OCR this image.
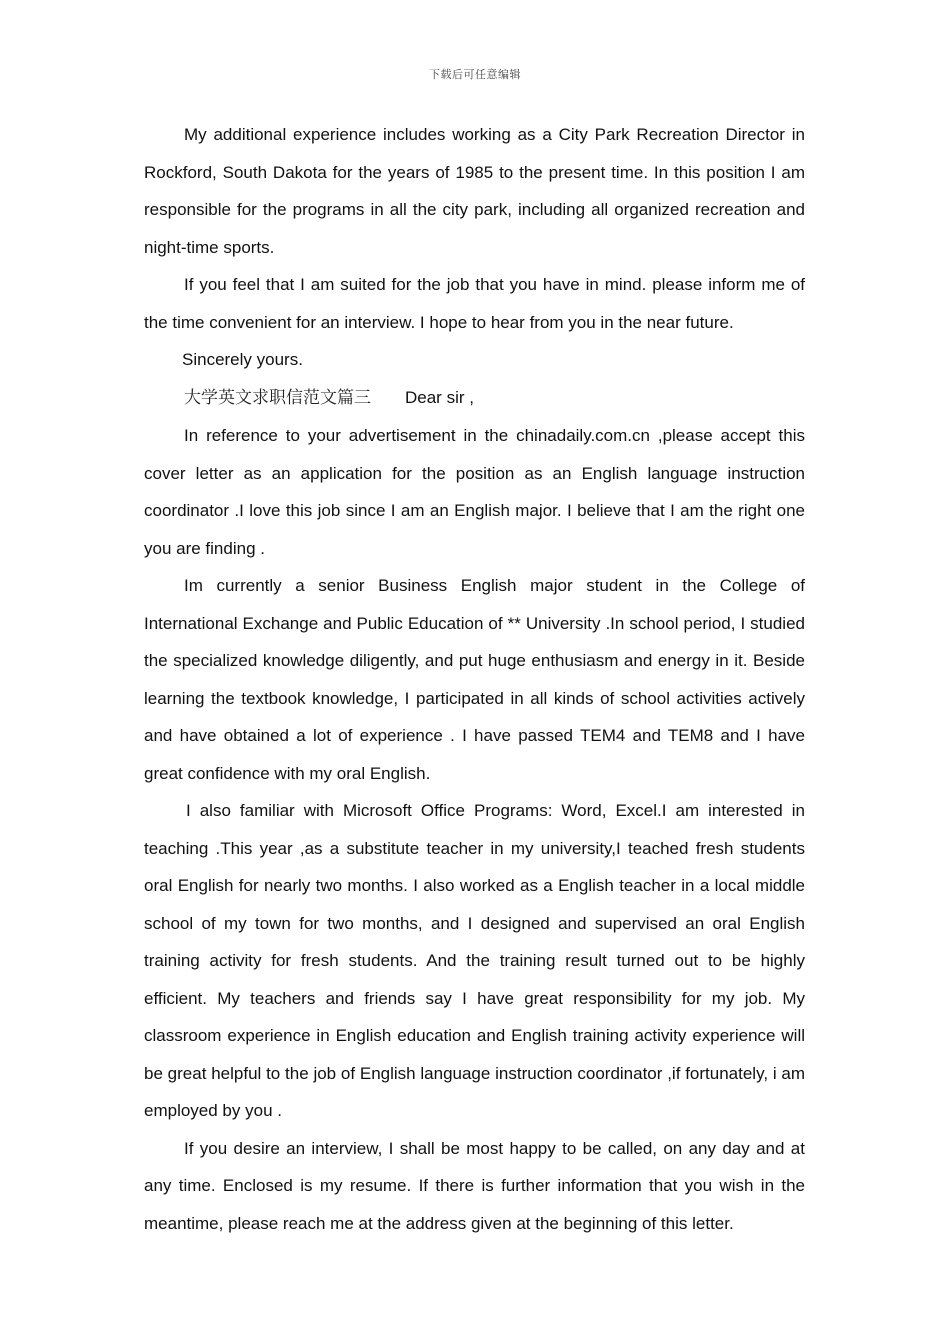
下载后可任意编辑

My additional experience includes working as a City Park Recreation Director in Rockford, South Dakota for the years of 1985 to the present time. In this position I am responsible for the programs in all the city park, including all organized recreation and night-time sports.

If you feel that I am suited for the job that you have in mind. please inform me of the time convenient for an interview. I hope to hear from you in the near future.

Sincerely yours.

大学英文求职信范文篇三 Dear sir ,

In reference to your advertisement in the chinadaily.com.cn ,please accept this cover letter as an application for the position as an English language instruction coordinator .I love this job since I am an English major. I believe that I am the right one you are finding .

Im currently a senior Business English major student in the College of International Exchange and Public Education of ** University .In school period, I studied the specialized knowledge diligently, and put huge enthusiasm and energy in it. Beside learning the textbook knowledge, I participated in all kinds of school activities actively and have obtained a lot of experience . I have passed TEM4 and TEM8 and I have great confidence with my oral English.

I also familiar with Microsoft Office Programs: Word, Excel.I am interested in teaching .This year ,as a substitute teacher in my university,I teached fresh students oral English for nearly two months. I also worked as a English teacher in a local middle school of my town for two months, and I designed and supervised an oral English training activity for fresh students. And the training result turned out to be highly efficient. My teachers and friends say I have great responsibility for my job. My classroom experience in English education and English training activity experience will be great helpful to the job of English language instruction coordinator ,if fortunately, i am employed by you .

If you desire an interview, I shall be most happy to be called, on any day and at any time. Enclosed is my resume. If there is further information that you wish in the meantime, please reach me at the address given at the beginning of this letter.
